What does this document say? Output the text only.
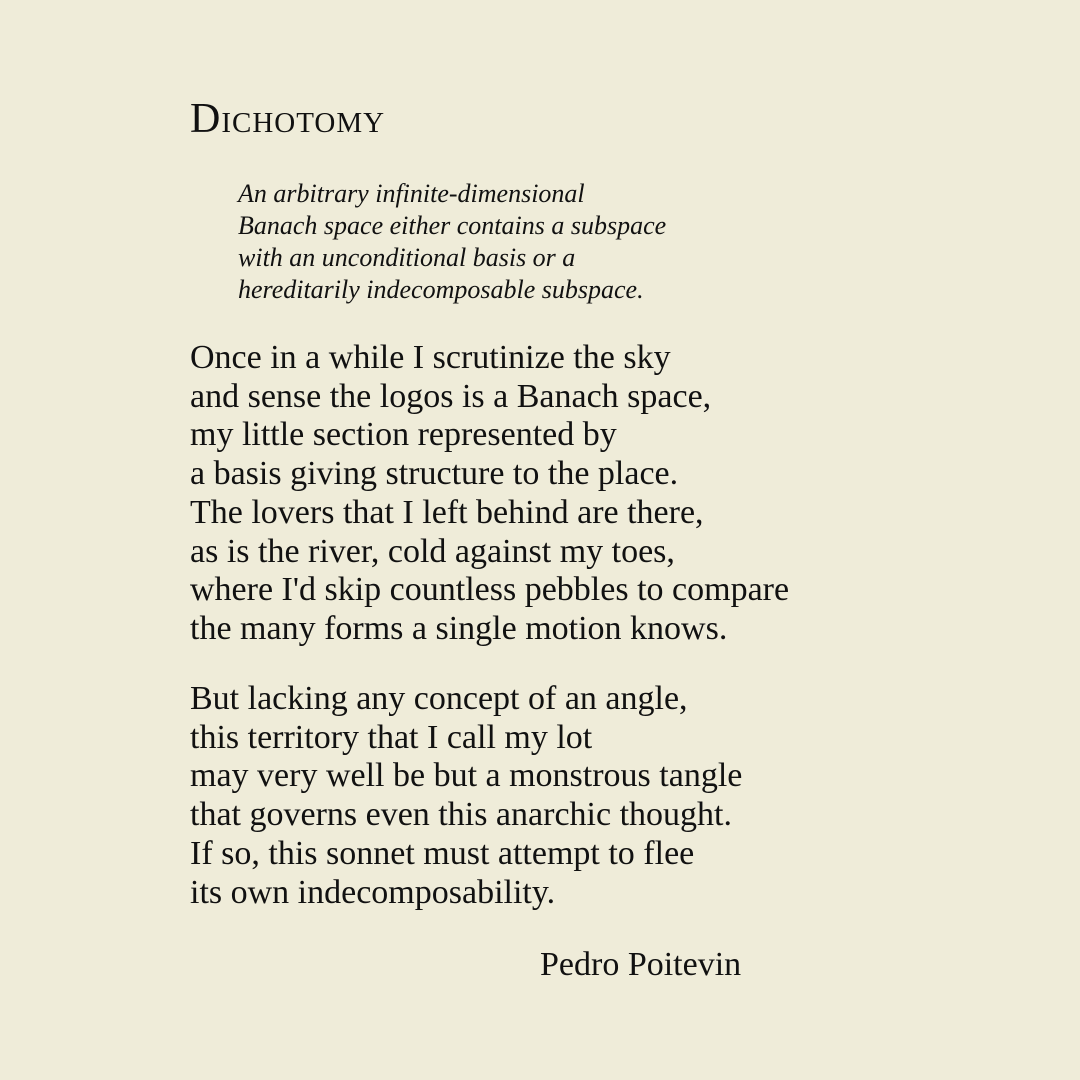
Dichotomy
An arbitrary infinite-dimensional
Banach space either contains a subspace
with an unconditional basis or a
hereditarily indecomposable subspace.
Once in a while I scrutinize the sky
and sense the logos is a Banach space,
my little section represented by
a basis giving structure to the place.
The lovers that I left behind are there,
as is the river, cold against my toes,
where I'd skip countless pebbles to compare
the many forms a single motion knows.
But lacking any concept of an angle,
this territory that I call my lot
may very well be but a monstrous tangle
that governs even this anarchic thought.
If so, this sonnet must attempt to flee
its own indecomposability.
Pedro Poitevin
